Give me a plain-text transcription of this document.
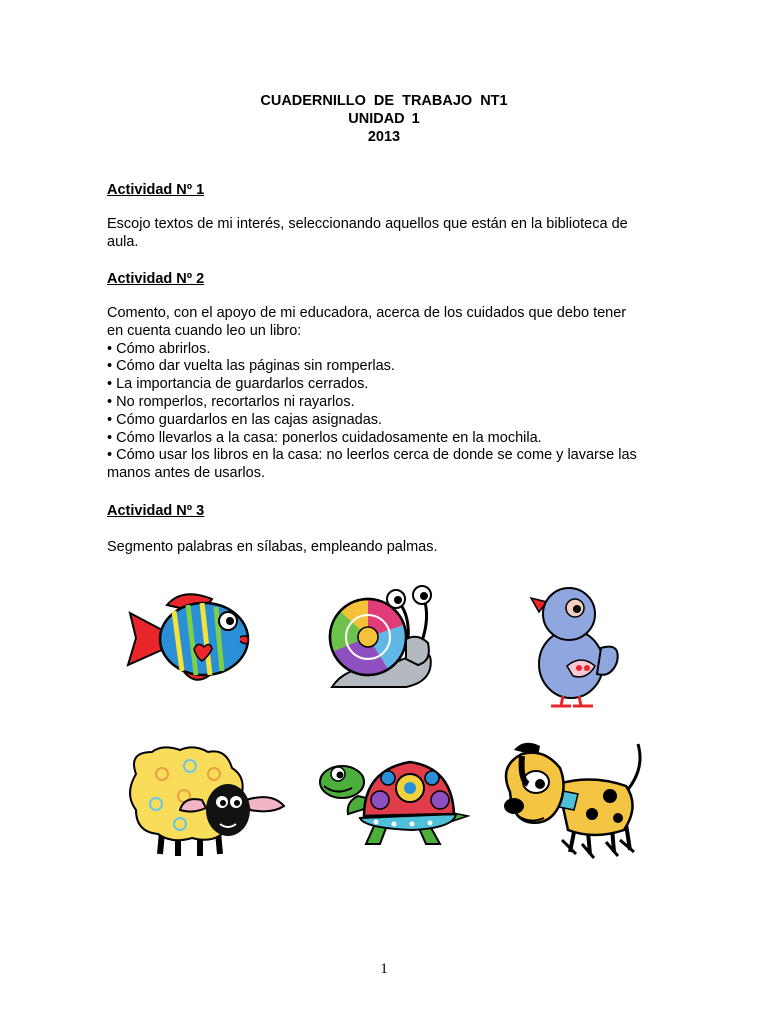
CUADERNILLO DE TRABAJO NT1
UNIDAD 1
2013
Actividad Nº 1
Escojo textos de mi interés, seleccionando aquellos que están en la biblioteca de
aula.
Actividad Nº 2
Comento, con el apoyo de mi educadora, acerca de los cuidados que debo tener
en cuenta cuando leo un libro:
• Cómo abrirlos.
• Cómo dar vuelta las páginas sin romperlas.
• La importancia de guardarlos cerrados.
• No romperlos, recortarlos ni rayarlos.
• Cómo guardarlos en las cajas asignadas.
• Cómo llevarlos a la casa: ponerlos cuidadosamente en la mochila.
• Cómo usar los libros en la casa: no leerlos cerca de donde se come y lavarse las
manos antes de usarlos.
Actividad Nº 3
Segmento palabras en sílabas, empleando palmas.
1
